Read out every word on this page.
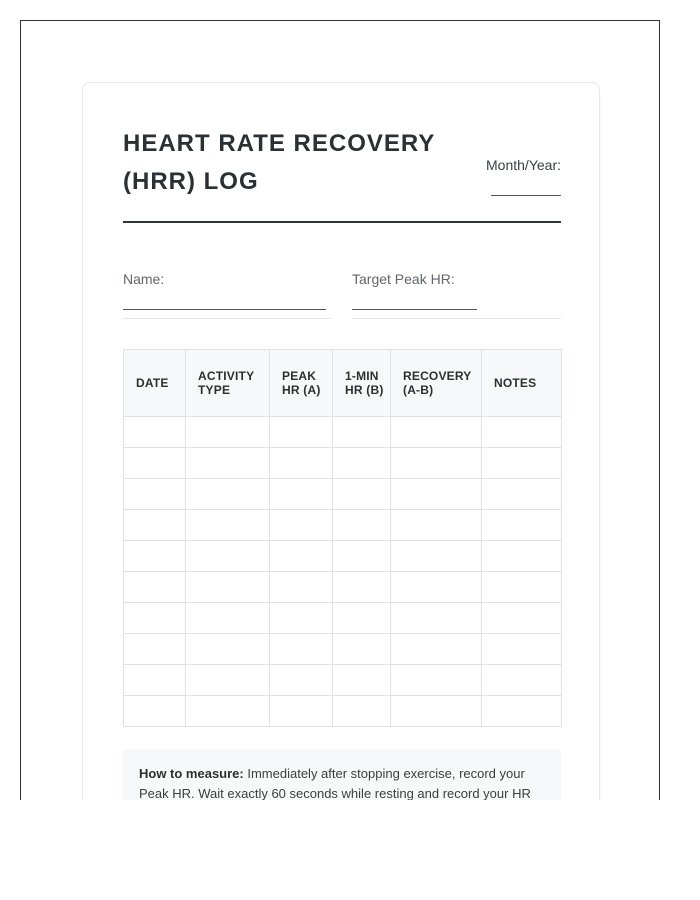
HEART RATE RECOVERY (HRR) LOG
Month/Year:
Name:	Target Peak HR:
DATE	ACTIVITY TYPE	PEAK HR (A)	1-MIN HR (B)	RECOVERY (A-B)	NOTES

How to measure: Immediately after stopping exercise, record your Peak HR. Wait exactly 60 seconds while resting and record your HR
